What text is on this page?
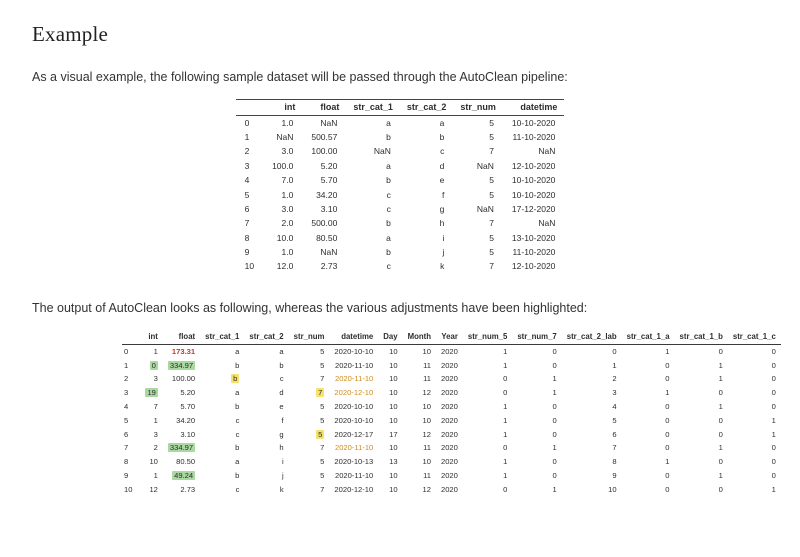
Example

As a visual example, the following sample dataset will be passed through the AutoClean pipeline:

	int	float	str_cat_1	str_cat_2	str_num	datetime
0	1.0	NaN	a	a	5	10-10-2020
1	NaN	500.57	b	b	5	11-10-2020
2	3.0	100.00	NaN	c	7	NaN
3	100.0	5.20	a	d	NaN	12-10-2020
4	7.0	5.70	b	e	5	10-10-2020
5	1.0	34.20	c	f	5	10-10-2020
6	3.0	3.10	c	g	NaN	17-12-2020
7	2.0	500.00	b	h	7	NaN
8	10.0	80.50	a	i	5	13-10-2020
9	1.0	NaN	b	j	5	11-10-2020
10	12.0	2.73	c	k	7	12-10-2020

The output of AutoClean looks as following, whereas the various adjustments have been highlighted:

	int	float	str_cat_1	str_cat_2	str_num	datetime	Day	Month	Year	str_num_5	str_num_7	str_cat_2_lab	str_cat_1_a	str_cat_1_b	str_cat_1_c
0	1	173.31	a	a	5	2020-10-10	10	10	2020	1	0	0	1	0	0
1	0	334.97	b	b	5	2020-11-10	10	11	2020	1	0	1	0	1	0
2	3	100.00	b	c	7	2020-11-10	10	11	2020	0	1	2	0	1	0
3	19	5.20	a	d	7	2020-12-10	10	12	2020	0	1	3	1	0	0
4	7	5.70	b	e	5	2020-10-10	10	10	2020	1	0	4	0	1	0
5	1	34.20	c	f	5	2020-10-10	10	10	2020	1	0	5	0	0	1
6	3	3.10	c	g	5	2020-12-17	17	12	2020	1	0	6	0	0	1
7	2	334.97	b	h	7	2020-11-10	10	11	2020	0	1	7	0	1	0
8	10	80.50	a	i	5	2020-10-13	13	10	2020	1	0	8	1	0	0
9	1	49.24	b	j	5	2020-11-10	10	11	2020	1	0	9	0	1	0
10	12	2.73	c	k	7	2020-12-10	10	12	2020	0	1	10	0	0	1
